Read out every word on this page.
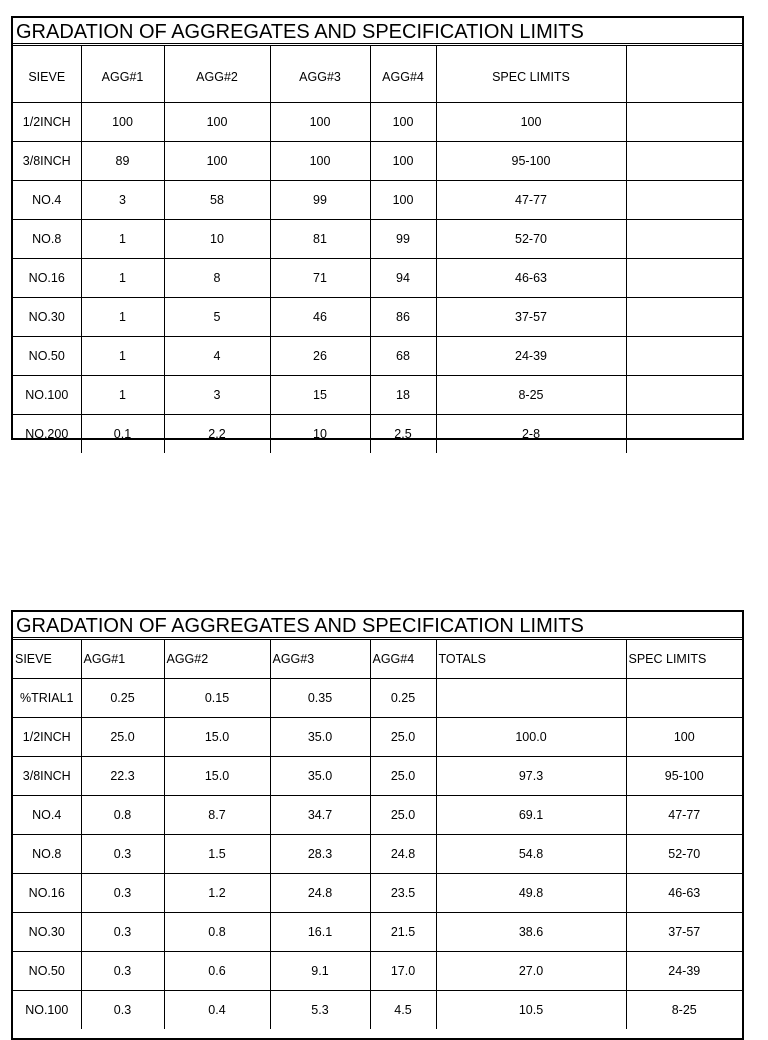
GRADATION OF AGGREGATES AND SPECIFICATION LIMITS
SIEVE	AGG#1	AGG#2	AGG#3	AGG#4	SPEC LIMITS	
1/2INCH	100	100	100	100	100	
3/8INCH	89	100	100	100	95-100	
NO.4	3	58	99	100	47-77	
NO.8	1	10	81	99	52-70	
NO.16	1	8	71	94	46-63	
NO.30	1	5	46	86	37-57	
NO.50	1	4	26	68	24-39	
NO.100	1	3	15	18	8-25	
NO.200	0.1	2.2	10	2.5	2-8	
GRADATION OF AGGREGATES AND SPECIFICATION LIMITS
SIEVE	AGG#1	AGG#2	AGG#3	AGG#4	TOTALS	SPEC LIMITS
%TRIAL1	0.25	0.15	0.35	0.25		
1/2INCH	25.0	15.0	35.0	25.0	100.0	100
3/8INCH	22.3	15.0	35.0	25.0	97.3	95-100
NO.4	0.8	8.7	34.7	25.0	69.1	47-77
NO.8	0.3	1.5	28.3	24.8	54.8	52-70
NO.16	0.3	1.2	24.8	23.5	49.8	46-63
NO.30	0.3	0.8	16.1	21.5	38.6	37-57
NO.50	0.3	0.6	9.1	17.0	27.0	24-39
NO.100	0.3	0.4	5.3	4.5	10.5	8-25
